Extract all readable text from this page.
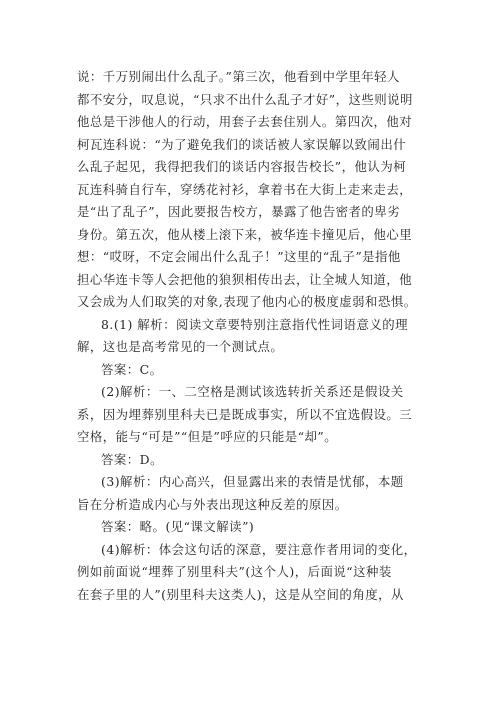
说：千万别闹出什么乱子。”第三次，他看到中学里年轻人
都不安分，叹息说，“只求不出什么乱子才好”，这些则说明
他总是干涉他人的行动，用套子去套住别人。第四次，他对
柯瓦连科说：“为了避免我们的谈话被人家误解以致闹出什
么乱子起见，我得把我们的谈话内容报告校长”，他认为柯
瓦连科骑自行车，穿绣花衬衫，拿着书在大街上走来走去，
是“出了乱子”，因此要报告校方，暴露了他告密者的卑劣
身份。第五次，他从楼上滚下来，被华连卡撞见后，他心里
想：“哎呀，不定会闹出什么乱子！”这里的“乱子”是指他
担心华连卡等人会把他的狼狈相传出去，让全城人知道，他
又会成为人们取笑的对象,表现了他内心的极度虚弱和恐惧。
8.(1) 解析：阅读文章要特别注意指代性词语意义的理
解，这也是高考常见的一个测试点。
答案：C。
(2)解析：一、二空格是测试该选转折关系还是假设关
系，因为埋葬别里科夫已是既成事实，所以不宜选假设。三
空格，能与“可是”“但是”呼应的只能是“却”。
答案：D。
(3)解析：内心高兴，但显露出来的表情是忧郁，本题
旨在分析造成内心与外表出现这种反差的原因。
答案：略。(见“课文解读”)
(4)解析：体会这句话的深意，要注意作者用词的变化，
例如前面说“埋葬了别里科夫”(这个人)，后面说“这种装
在套子里的人”(别里科夫这类人)，这是从空间的角度，从
